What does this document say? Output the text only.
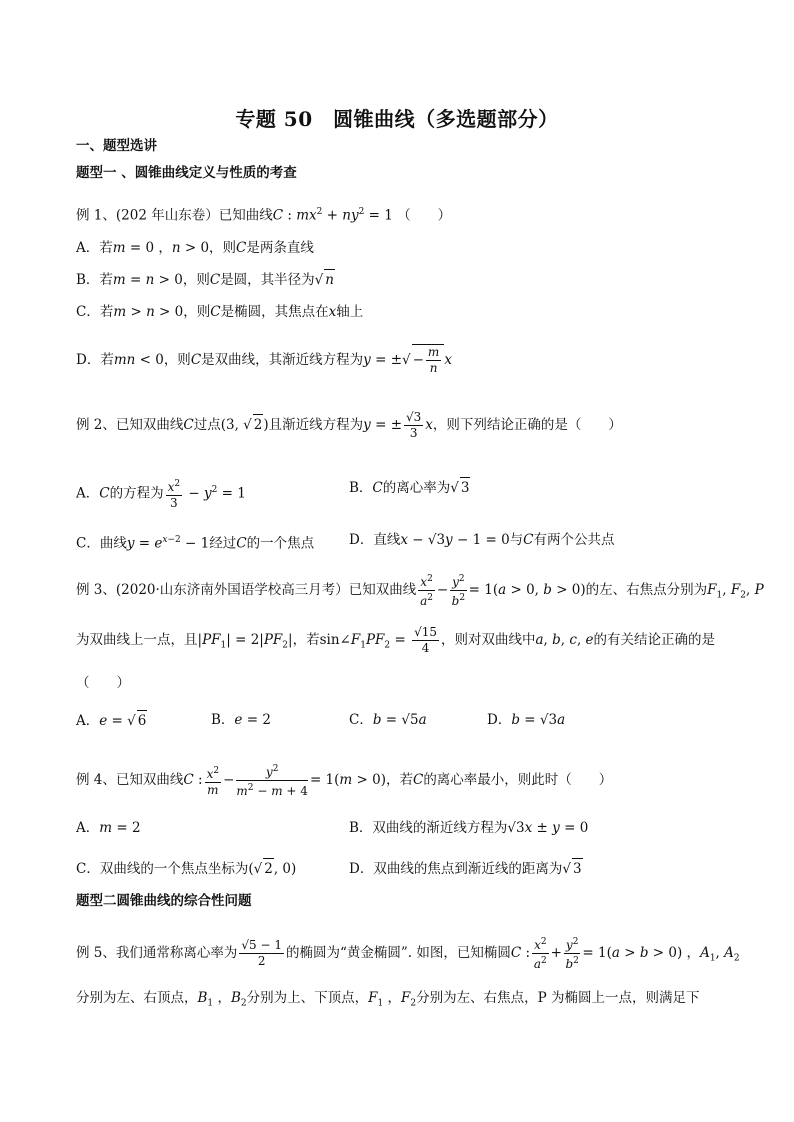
专题 50　圆锥曲线（多选题部分）
一、题型选讲
题型一 、圆锥曲线定义与性质的考查
例 1、(202 年山东卷）已知曲线C : $mx^2 + ny^2 = 1$ （　　）
A．若m = 0 ，n > 0，则C是两条直线
B．若m = n > 0，则C是圆，其半径为√ n
C．若m > n > 0，则C是椭圆，其焦点在x轴上
D．若mn < 0，则C是双曲线，其渐近线方程为y = ±√ − $\frac{m}{n}$ x
例 2、已知双曲线C过点(3, √ 2)且渐近线方程为y = ± $\frac{√3}{3}$ x，则下列结论正确的是（　　）
A．C的方程为 $\frac{x^2}{3} - y^2 = 1$	B．C的离心率为√ 3
C．曲线$y = e^{x-2} - 1$经过C的一个焦点	D．直线x − √3y − 1 = 0与C有两个公共点
例 3、(2020·山东济南外国语学校高三月考）已知双曲线 $\frac{x^2}{a^2} - \frac{y^2}{b^2} = 1(a > 0$, b > 0)的左、右焦点分别为$F_1$, $F_2$, P
为双曲线上一点，且$|PF_1| = 2|PF_2|$，若$\sin\angle F_1PF_2 = \frac{√15}{4}$ ，则对双曲线中a, b, c, e的有关结论正确的是
（　　）
A．e = √ 6	B．e = 2	C．b = √5a	D．b = √3a
例 4、已知双曲线C : $\frac{x^2}{m} - \frac{y^2}{m^2 - m + 4} = 1(m > 0)$，若C的离心率最小，则此时（　　）
A．m = 2	B．双曲线的渐近线方程为√3x ± y = 0
C．双曲线的一个焦点坐标为(√ 2, 0)	D．双曲线的焦点到渐近线的距离为√ 3
题型二圆锥曲线的综合性问题
例 5、我们通常称离心率为 $\frac{√5 - 1}{2}$ 的椭圆为“黄金椭圆”. 如图，已知椭圆C : $\frac{x^2}{a^2} + \frac{y^2}{b^2} = 1(a > b > 0)$ ，$A_1$, $A_2$
分别为左、右顶点，$B_1$ ，$B_2$分别为上、下顶点，$F_1$ ，$F_2$分别为左、右焦点，P 为椭圆上一点，则满足下
